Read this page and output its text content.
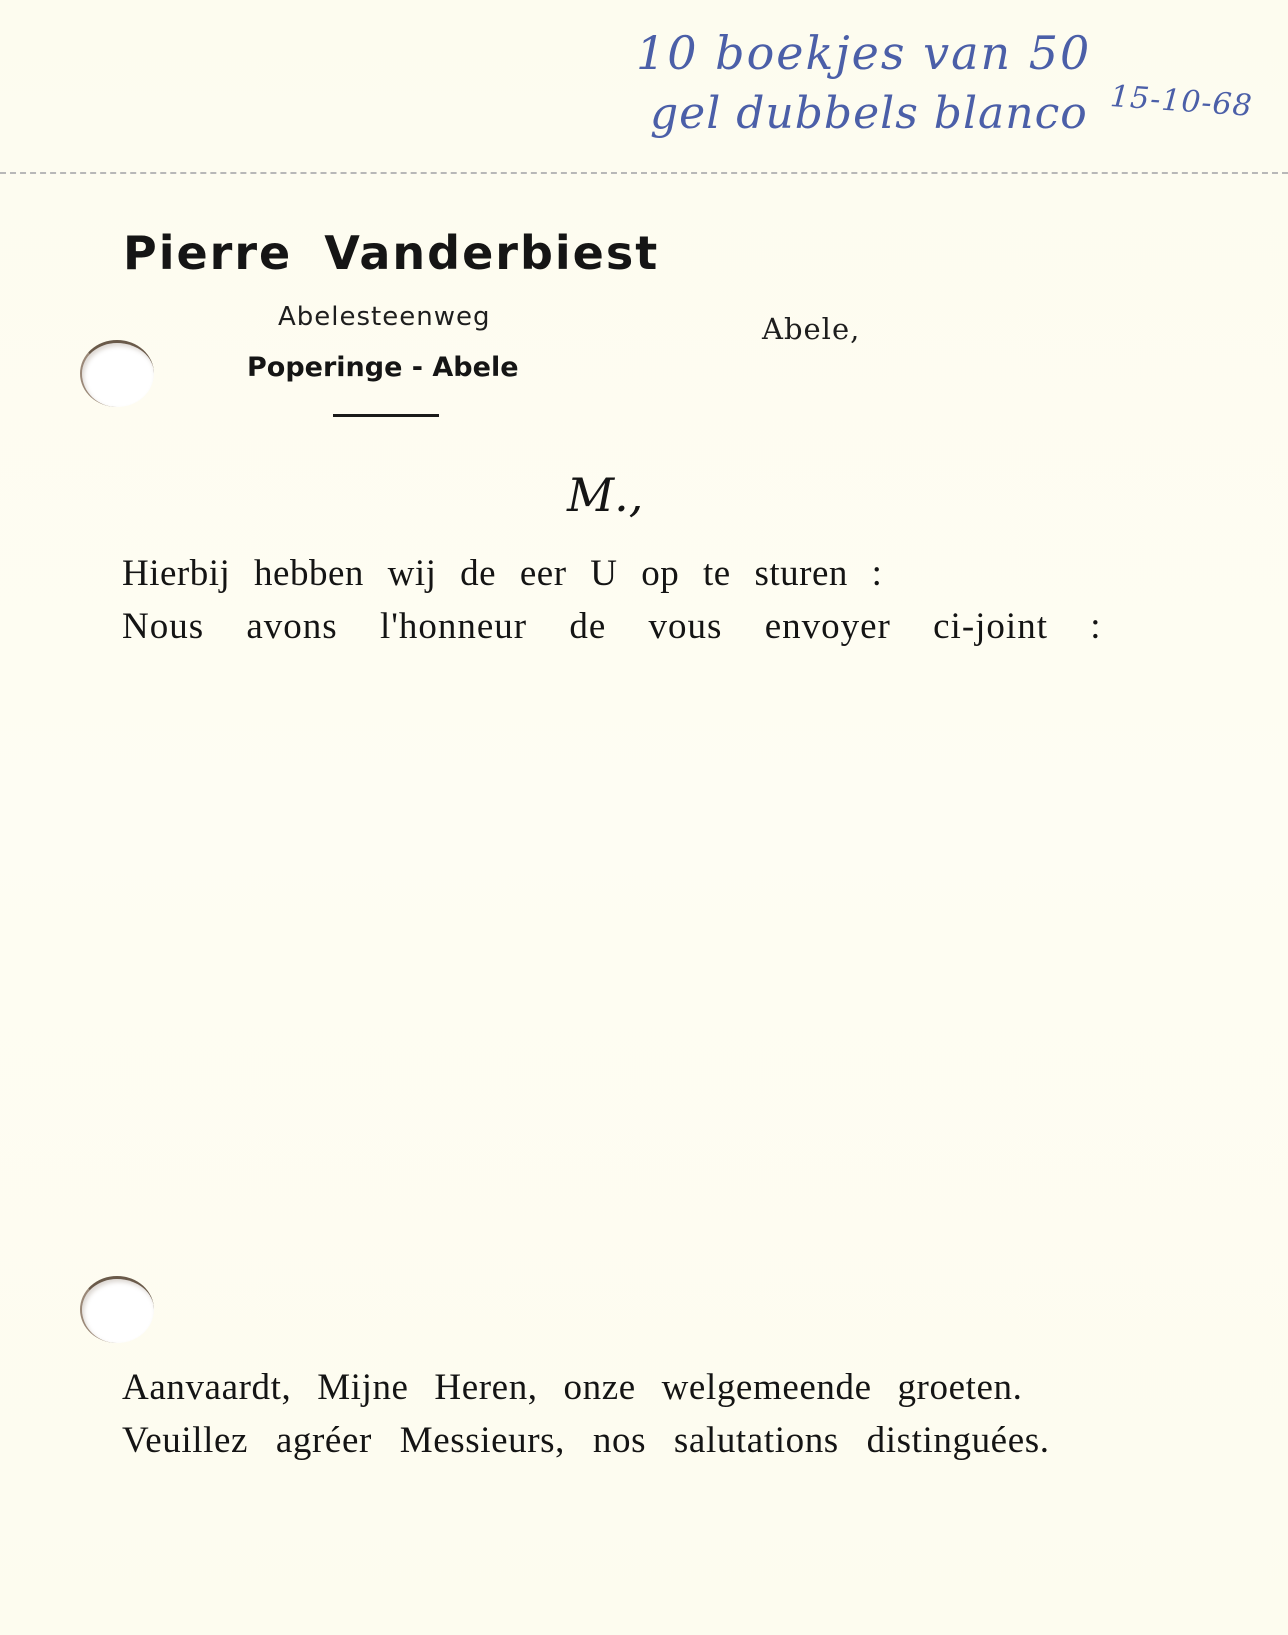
10 boekjes van 50
gel dubbels blanco 15-10-68
Pierre Vanderbiest
Abelesteenweg
Poperinge - Abele
Abele,
M.,
Hierbij hebben wij de eer U op te sturen :
Nous avons l'honneur de vous envoyer ci-joint :
Aanvaardt, Mijne Heren, onze welgemeende groeten.
Veuillez agréer Messieurs, nos salutations distinguées.
